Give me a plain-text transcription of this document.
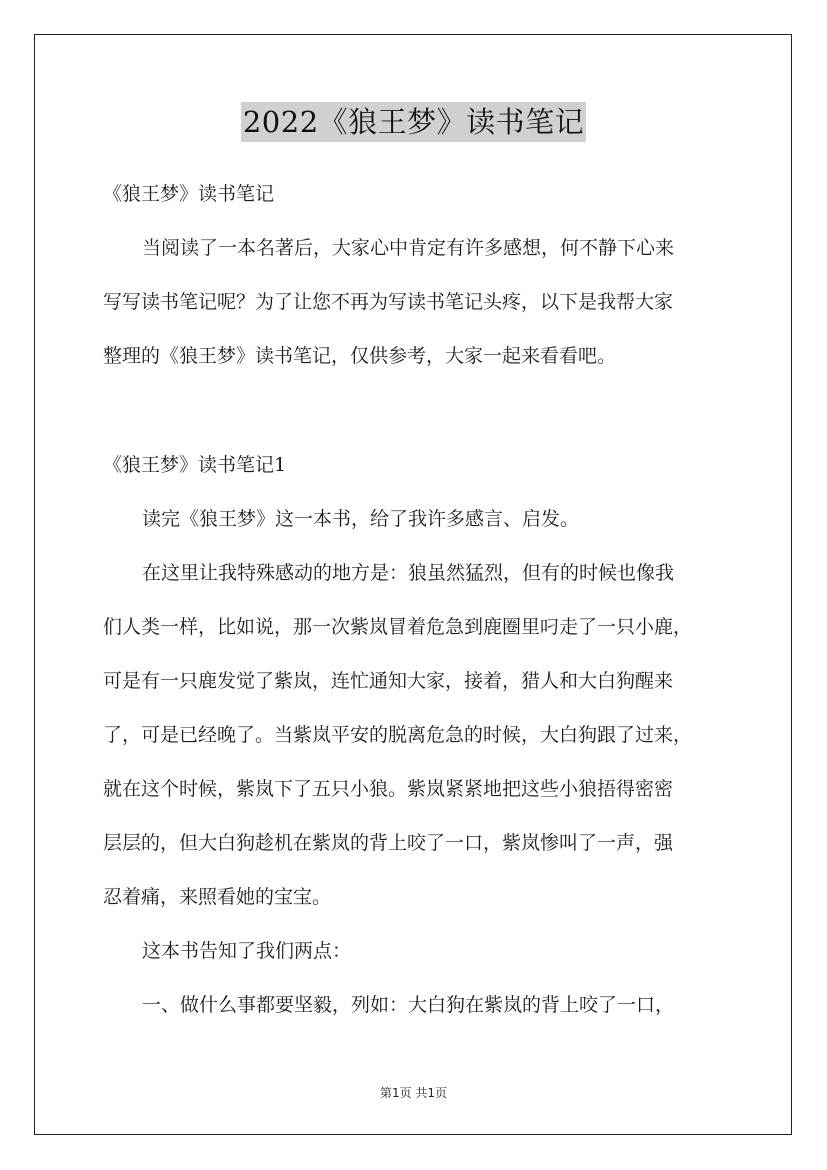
2022《狼王梦》读书笔记
《狼王梦》读书笔记
当阅读了一本名著后，大家心中肯定有许多感想，何不静下心来
写写读书笔记呢？为了让您不再为写读书笔记头疼，以下是我帮大家
整理的《狼王梦》读书笔记，仅供参考，大家一起来看看吧。
《狼王梦》读书笔记1
读完《狼王梦》这一本书，给了我许多感言、启发。
在这里让我特殊感动的地方是：狼虽然猛烈，但有的时候也像我
们人类一样，比如说，那一次紫岚冒着危急到鹿圈里叼走了一只小鹿，
可是有一只鹿发觉了紫岚，连忙通知大家，接着，猎人和大白狗醒来
了，可是已经晚了。当紫岚平安的脱离危急的时候，大白狗跟了过来，
就在这个时候，紫岚下了五只小狼。紫岚紧紧地把这些小狼捂得密密
层层的，但大白狗趁机在紫岚的背上咬了一口，紫岚惨叫了一声，强
忍着痛，来照看她的宝宝。
这本书告知了我们两点：
一、做什么事都要坚毅，列如：大白狗在紫岚的背上咬了一口，
第1页 共1页
